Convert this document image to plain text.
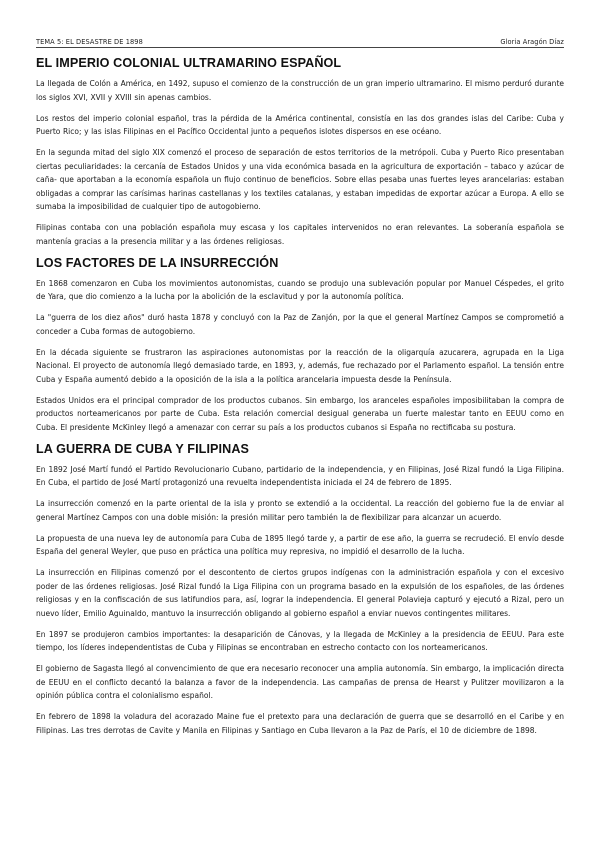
TEMA 5: EL DESASTRE DE 1898	Gloria Aragón Díaz
EL IMPERIO COLONIAL ULTRAMARINO ESPAÑOL

La llegada de Colón a América, en 1492, supuso el comienzo de la construcción de un gran imperio ultramarino. El mismo perduró durante los siglos XVI, XVII y XVIII sin apenas cambios.

Los restos del imperio colonial español, tras la pérdida de la América continental, consistía en las dos grandes islas del Caribe: Cuba y Puerto Rico; y las islas Filipinas en el Pacífico Occidental junto a pequeños islotes dispersos en ese océano.

En la segunda mitad del siglo XIX comenzó el proceso de separación de estos territorios de la metrópoli. Cuba y Puerto Rico presentaban ciertas peculiaridades: la cercanía de Estados Unidos y una vida económica basada en la agricultura de exportación – tabaco y azúcar de caña- que aportaban a la economía española un flujo continuo de beneficios. Sobre ellas pesaba unas fuertes leyes arancelarias: estaban obligadas a comprar las carísimas harinas castellanas y los textiles catalanas, y estaban impedidas de exportar azúcar a Europa. A ello se sumaba la imposibilidad de cualquier tipo de autogobierno.

Filipinas contaba con una población española muy escasa y los capitales intervenidos no eran relevantes. La soberanía española se mantenía gracias a la presencia militar y a las órdenes religiosas.

LOS FACTORES DE LA INSURRECCIÓN

En 1868 comenzaron en Cuba los movimientos autonomistas, cuando se produjo una sublevación popular por Manuel Céspedes, el grito de Yara, que dio comienzo a la lucha por la abolición de la esclavitud y por la autonomía política.

La "guerra de los diez años" duró hasta 1878 y concluyó con la Paz de Zanjón, por la que el general Martínez Campos se comprometió a conceder a Cuba formas de autogobierno.

En la década siguiente se frustraron las aspiraciones autonomistas por la reacción de la oligarquía azucarera, agrupada en la Liga Nacional. El proyecto de autonomía llegó demasiado tarde, en 1893, y, además, fue rechazado por el Parlamento español. La tensión entre Cuba y España aumentó debido a la oposición de la isla a la política arancelaria impuesta desde la Península.

Estados Unidos era el principal comprador de los productos cubanos. Sin embargo, los aranceles españoles imposibilitaban la compra de productos norteamericanos por parte de Cuba. Esta relación comercial desigual generaba un fuerte malestar tanto en EEUU como en Cuba. El presidente McKinley llegó a amenazar con cerrar su país a los productos cubanos si España no rectificaba su postura.

LA GUERRA DE CUBA Y FILIPINAS

En 1892 José Martí fundó el Partido Revolucionario Cubano, partidario de la independencia, y en Filipinas, José Rizal fundó la Liga Filipina. En Cuba, el partido de José Martí protagonizó una revuelta independentista iniciada el 24 de febrero de 1895.

La insurrección comenzó en la parte oriental de la isla y pronto se extendió a la occidental. La reacción del gobierno fue la de enviar al general Martínez Campos con una doble misión: la presión militar pero también la de flexibilizar para alcanzar un acuerdo.

La propuesta de una nueva ley de autonomía para Cuba de 1895 llegó tarde y, a partir de ese año, la guerra se recrudeció. El envío desde España del general Weyler, que puso en práctica una política muy represiva, no impidió el desarrollo de la lucha.

La insurrección en Filipinas comenzó por el descontento de ciertos grupos indígenas con la administración española y con el excesivo poder de las órdenes religiosas. José Rizal fundó la Liga Filipina con un programa basado en la expulsión de los españoles, de las órdenes religiosas y en la confiscación de sus latifundios para, así, lograr la independencia. El general Polavieja capturó y ejecutó a Rizal, pero un nuevo líder, Emilio Aguinaldo, mantuvo la insurrección obligando al gobierno español a enviar nuevos contingentes militares.

En 1897 se produjeron cambios importantes: la desaparición de Cánovas, y la llegada de McKinley a la presidencia de EEUU. Para este tiempo, los líderes independentistas de Cuba y Filipinas se encontraban en estrecho contacto con los norteamericanos.

El gobierno de Sagasta llegó al convencimiento de que era necesario reconocer una amplia autonomía. Sin embargo, la implicación directa de EEUU en el conflicto decantó la balanza a favor de la independencia. Las campañas de prensa de Hearst y Pulitzer movilizaron a la opinión pública contra el colonialismo español.

En febrero de 1898 la voladura del acorazado Maine fue el pretexto para una declaración de guerra que se desarrolló en el Caribe y en Filipinas. Las tres derrotas de Cavite y Manila en Filipinas y Santiago en Cuba llevaron a la Paz de París, el 10 de diciembre de 1898.
